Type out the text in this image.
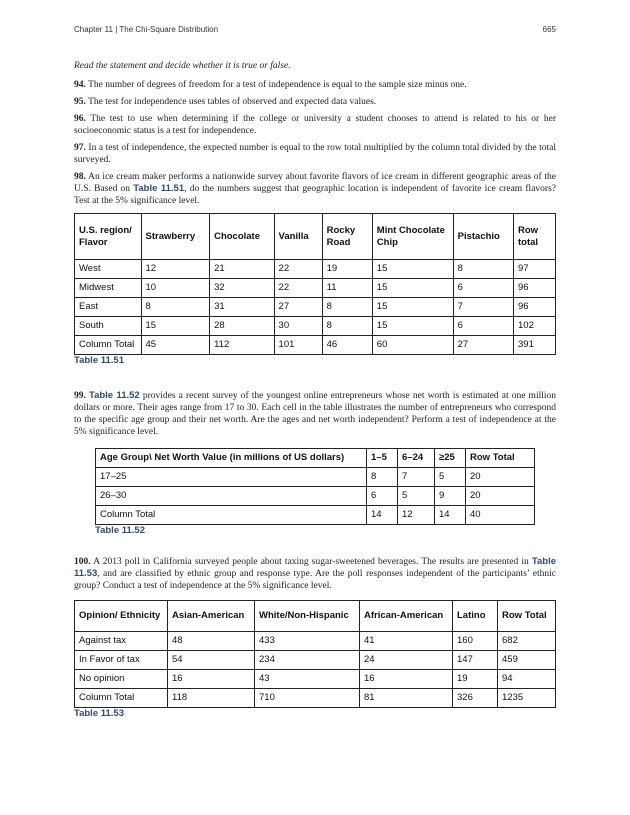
Chapter 11 | The Chi-Square Distribution	665

Read the statement and decide whether it is true or false.

94. The number of degrees of freedom for a test of independence is equal to the sample size minus one.

95. The test for independence uses tables of observed and expected data values.

96. The test to use when determining if the college or university a student chooses to attend is related to his or her socioeconomic status is a test for independence.

97. In a test of independence, the expected number is equal to the row total multiplied by the column total divided by the total surveyed.

98. An ice cream maker performs a nationwide survey about favorite flavors of ice cream in different geographic areas of the U.S. Based on Table 11.51, do the numbers suggest that geographic location is independent of favorite ice cream flavors? Test at the 5% significance level.

U.S. region/ Flavor	Strawberry	Chocolate	Vanilla	Rocky Road	Mint Chocolate Chip	Pistachio	Row total
West	12	21	22	19	15	8	97
Midwest	10	32	22	11	15	6	96
East	8	31	27	8	15	7	96
South	15	28	30	8	15	6	102
Column Total	45	112	101	46	60	27	391

Table 11.51

99. Table 11.52 provides a recent survey of the youngest online entrepreneurs whose net worth is estimated at one million dollars or more. Their ages range from 17 to 30. Each cell in the table illustrates the number of entrepreneurs who correspond to the specific age group and their net worth. Are the ages and net worth independent? Perform a test of independence at the 5% significance level.

Age Group\ Net Worth Value (in millions of US dollars)	1–5	6–24	≥25	Row Total
17–25	8	7	5	20
26–30	6	5	9	20
Column Total	14	12	14	40

Table 11.52

100. A 2013 poll in California surveyed people about taxing sugar-sweetened beverages. The results are presented in Table 11.53, and are classified by ethnic group and response type. Are the poll responses independent of the participants’ ethnic group? Conduct a test of independence at the 5% significance level.

Opinion/ Ethnicity	Asian-American	White/Non-Hispanic	African-American	Latino	Row Total
Against tax	48	433	41	160	682
In Favor of tax	54	234	24	147	459
No opinion	16	43	16	19	94
Column Total	118	710	81	326	1235

Table 11.53
